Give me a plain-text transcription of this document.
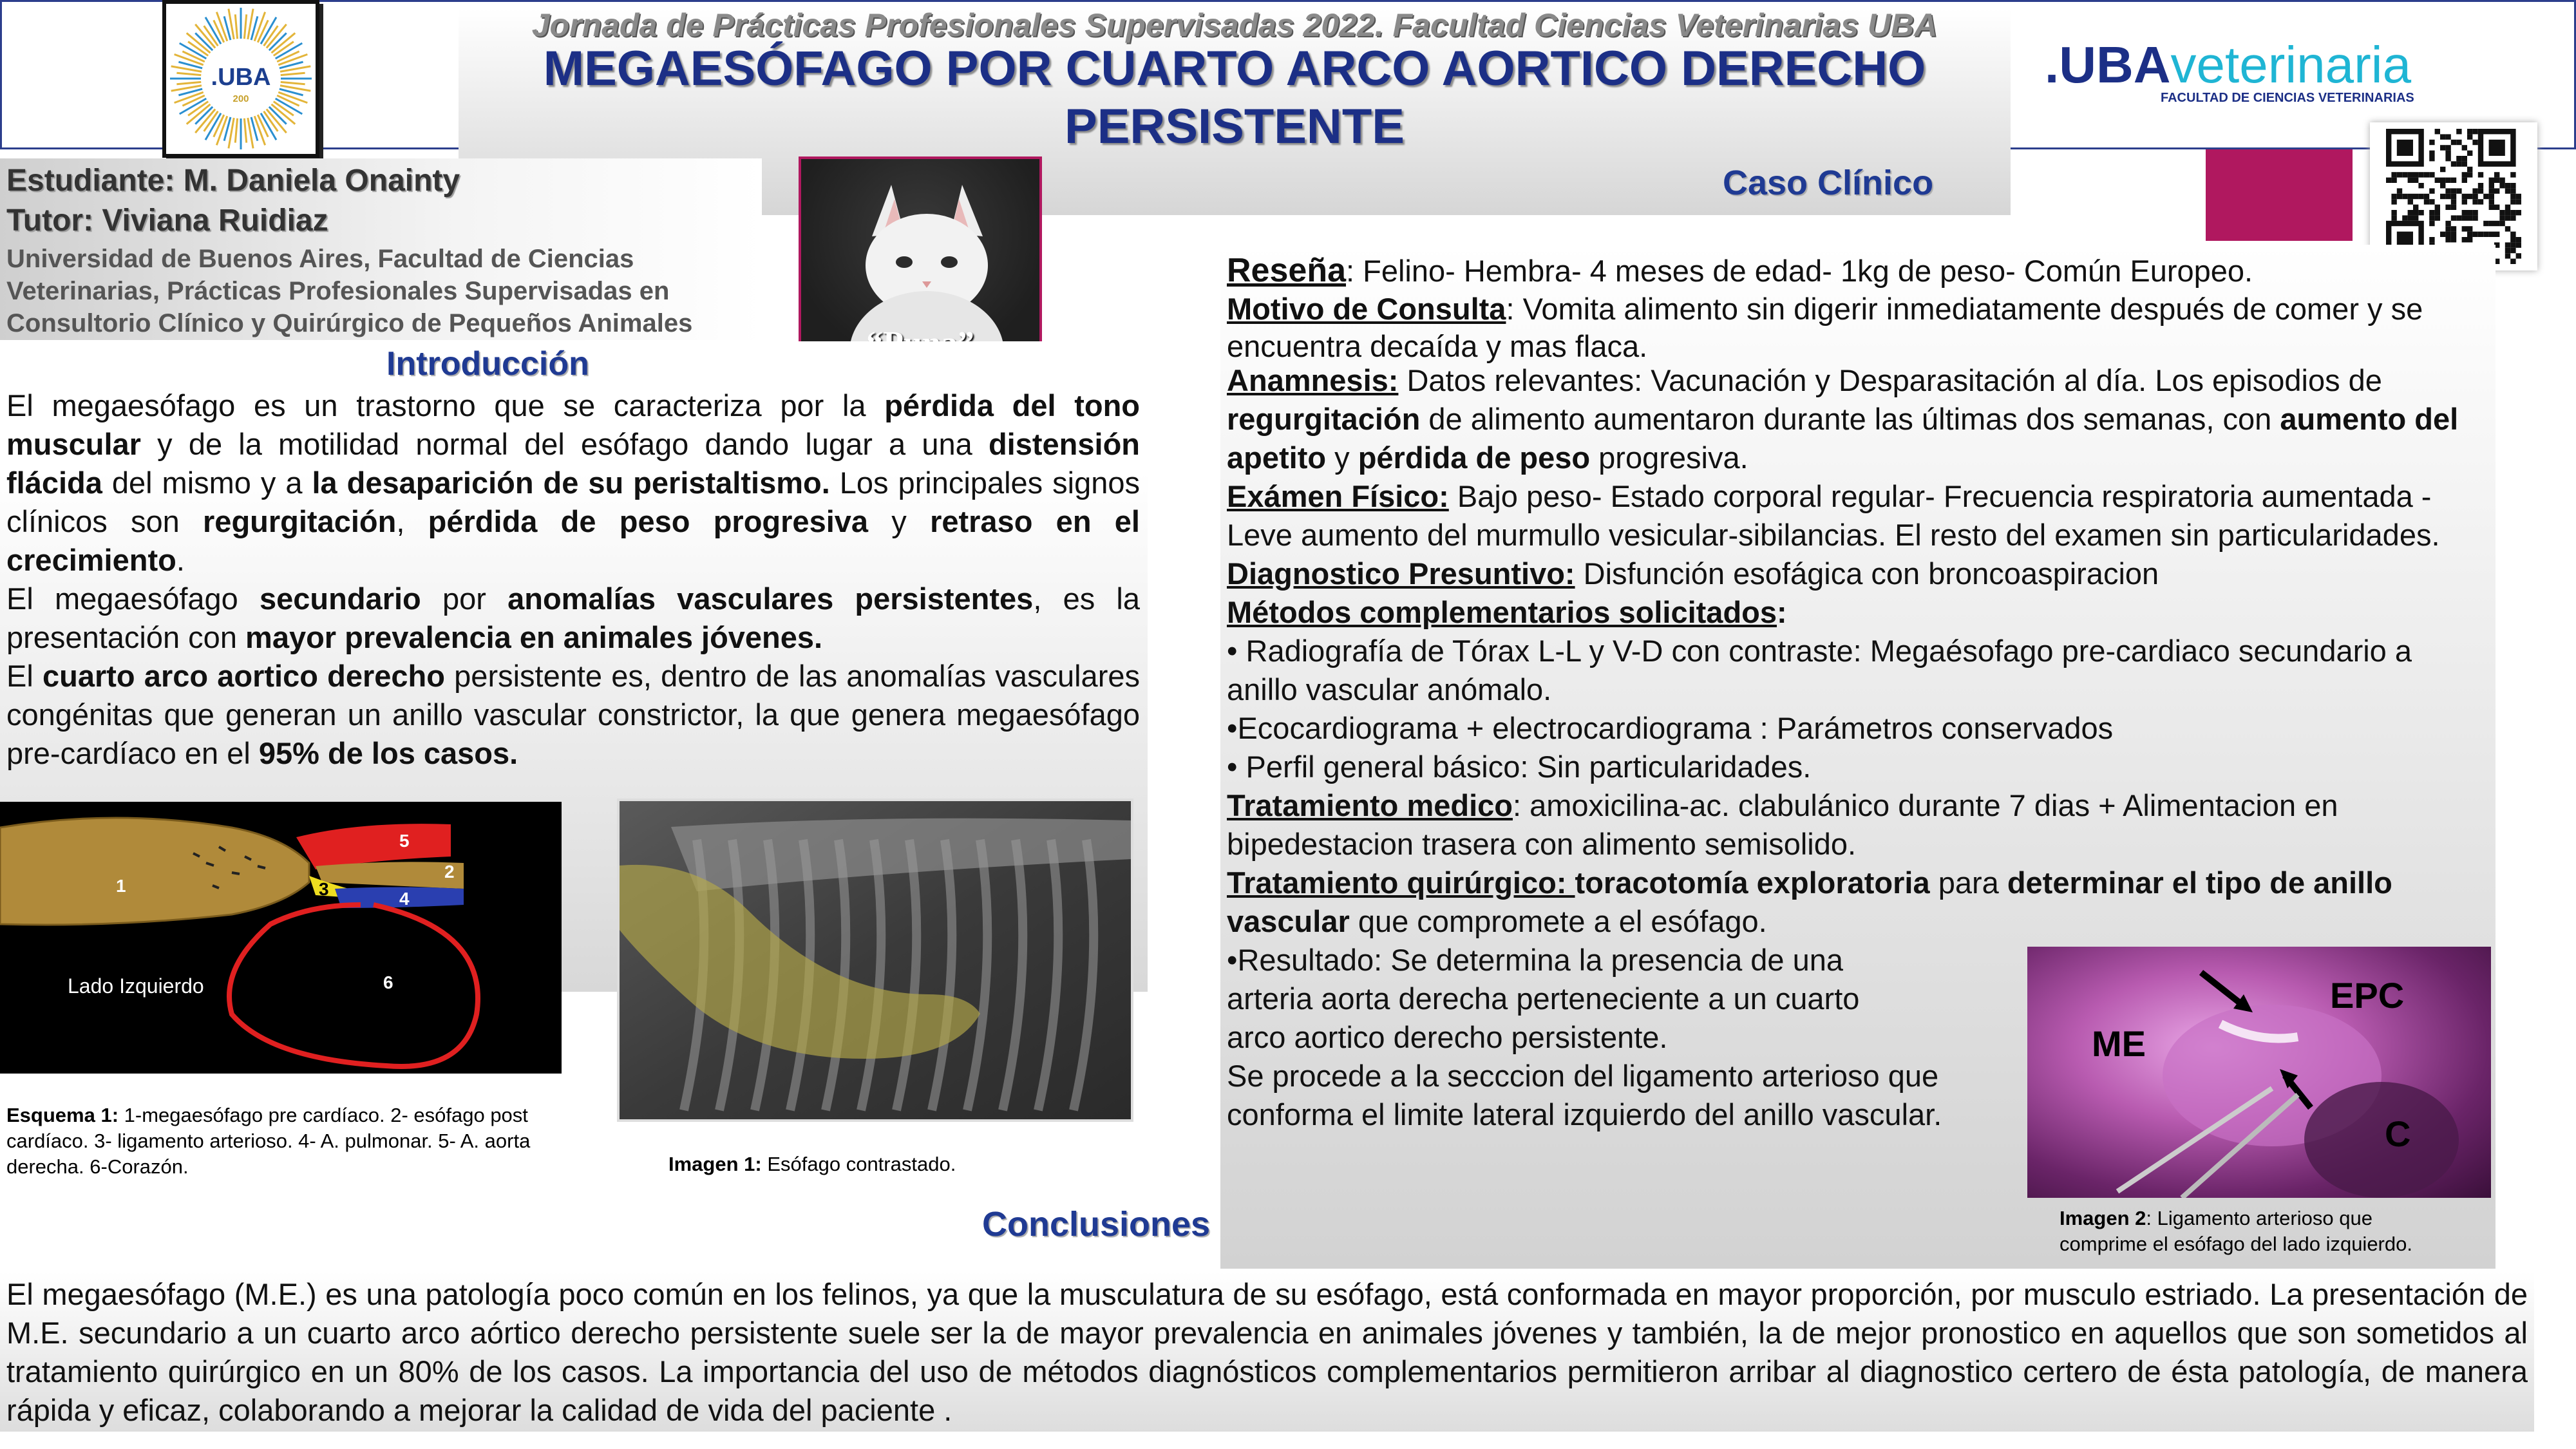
.UBA
200
Jornada de Prácticas Profesionales Supervisadas 2022. Facultad Ciencias Veterinarias UBA
MEGAESÓFAGO POR CUARTO ARCO AORTICO DERECHO
PERSISTENTE
.UBAveterinaria
FACULTAD DE CIENCIAS VETERINARIAS
Estudiante: M. Daniela Onainty
Tutor: Viviana Ruidiaz
Universidad de Buenos Aires, Facultad de Ciencias Veterinarias, Prácticas Profesionales Supervisadas en Consultorio Clínico y Quirúrgico de Pequeños Animales
Introducción

El megaesófago es un trastorno que se caracteriza por la pérdida del tono muscular y de la motilidad normal del esófago dando lugar a una distensión flácida del mismo y a la desaparición de su peristaltismo. Los principales signos clínicos son regurgitación, pérdida de peso progresiva y retraso en el crecimiento.

El megaesófago secundario por anomalías vasculares persistentes, es la presentación con mayor prevalencia en animales jóvenes.

El cuarto arco aortico derecho persistente es, dentro de las anomalías vasculares congénitas que generan un anillo vascular constrictor, la que genera megaesófago pre-cardíaco en el 95% de los casos.

1
2
3	4
5
6
Lado Izquierdo
Esquema 1: 1-megaesófago pre cardíaco. 2- esófago post cardíaco. 3- ligamento arterioso. 4- A. pulmonar. 5- A. aorta derecha. 6-Corazón.	Imagen 1: Esófago contrastado.
Caso Clínico

Reseña: Felino- Hembra- 4 meses de edad- 1kg de peso- Común Europeo.

Motivo de Consulta: Vomita alimento sin digerir inmediatamente después de comer y se encuentra decaída y mas flaca.

Anamnesis: Datos relevantes: Vacunación y Desparasitación al día. Los episodios de regurgitación de alimento aumentaron durante las últimas dos semanas, con aumento del apetito y pérdida de peso progresiva.

Exámen Físico: Bajo peso- Estado corporal regular- Frecuencia respiratoria aumentada - Leve aumento del murmullo vesicular-sibilancias. El resto del examen sin particularidades.

Diagnostico Presuntivo: Disfunción esofágica con broncoaspiracion

Métodos complementarios solicitados:

• Radiografía de Tórax L-L y V-D con contraste: Megaésofago pre-cardiaco secundario a anillo vascular anómalo.

•Ecocardiograma + electrocardiograma : Parámetros conservados

• Perfil general básico: Sin particularidades.

Tratamiento medico: amoxicilina-ac. clabulánico durante 7 dias + Alimentacion en bipedestacion trasera con alimento semisolido.

Tratamiento quirúrgico: toracotomía exploratoria para determinar el tipo de anillo vascular que compromete a el esófago.

•Resultado: Se determina la presencia de una arteria aorta derecha perteneciente a un cuarto arco aortico derecho persistente.

Se procede a la secccion del ligamento arterioso que conforma el limite lateral izquierdo del anillo vascular.

ME
EPC
C
Imagen 2: Ligamento arterioso que comprime el esófago del lado izquierdo.
Conclusiones
El megaesófago (M.E.) es una patología poco común en los felinos, ya que la musculatura de su esófago, está conformada en mayor proporción, por musculo estriado. La presentación de M.E. secundario a un cuarto arco aórtico derecho persistente suele ser la de mayor prevalencia en animales jóvenes y también, la de mejor pronostico en aquellos que son sometidos al tratamiento quirúrgico en un 80% de los casos. La importancia del uso de métodos diagnósticos complementarios permitieron arribar al diagnostico certero de ésta patología, de manera rápida y eficaz, colaborando a mejorar la calidad de vida del paciente .
